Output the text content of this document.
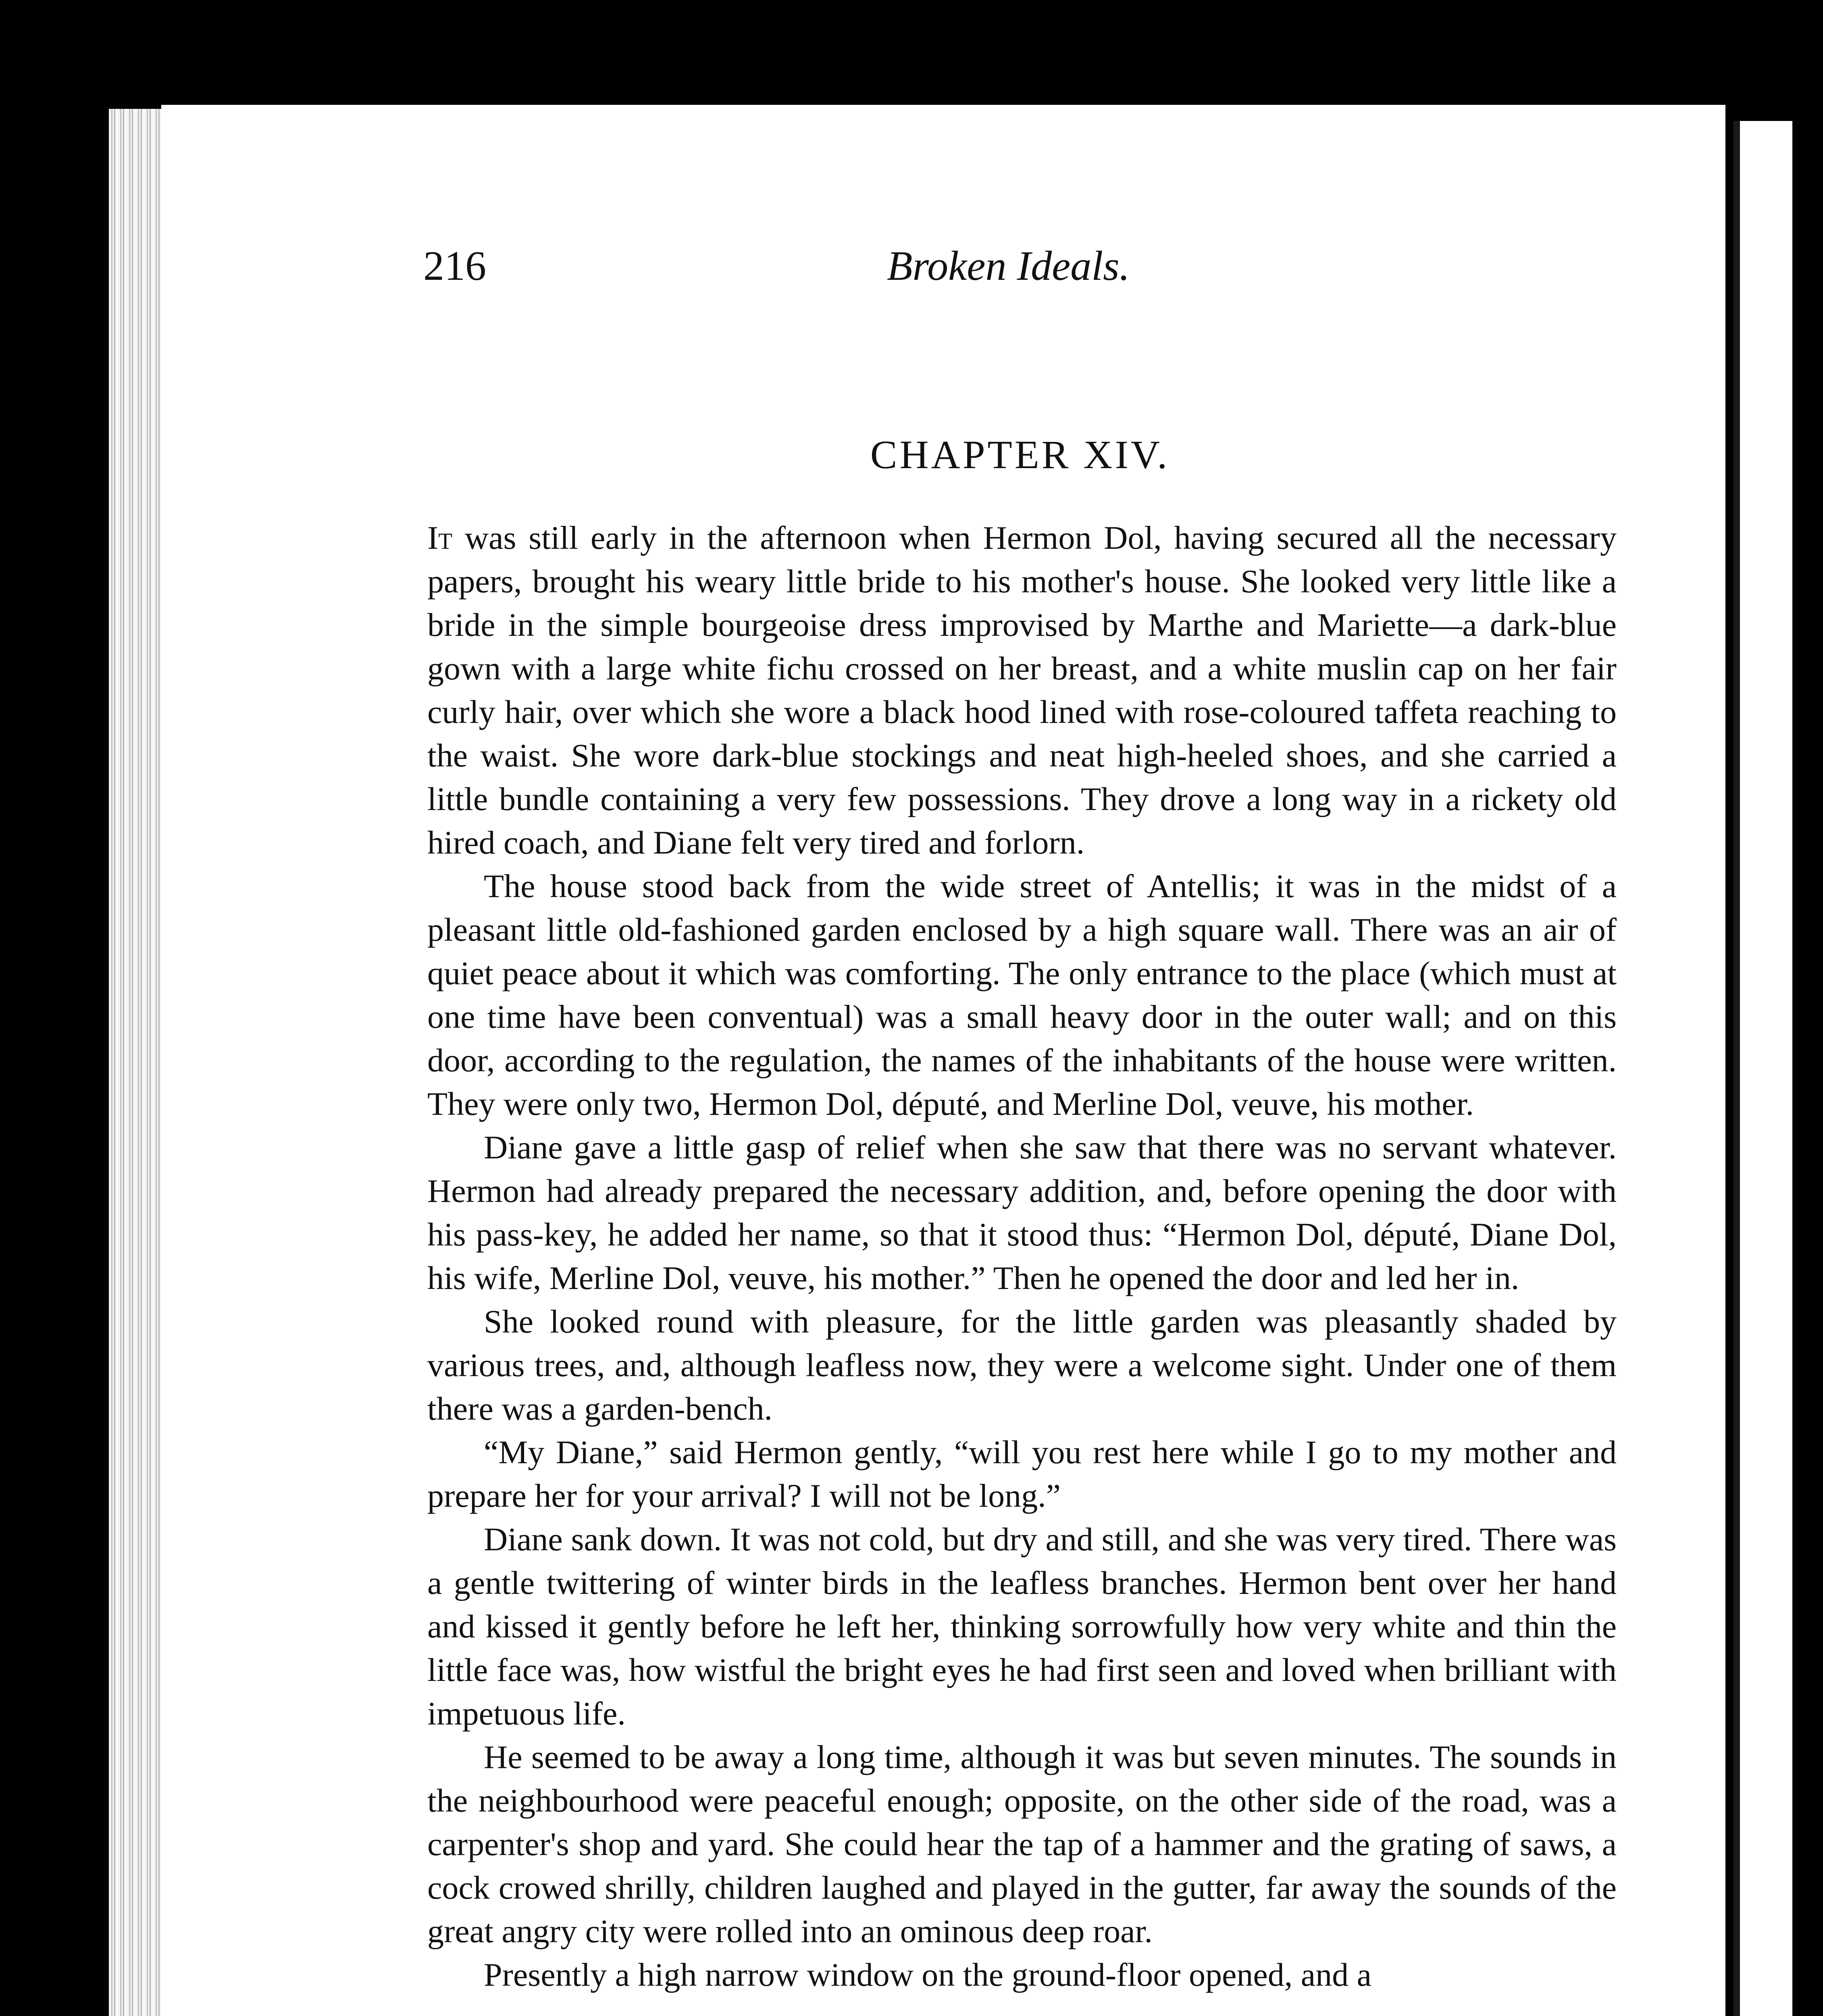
216	Broken Ideals.
CHAPTER XIV.

It was still early in the afternoon when Hermon Dol, having secured all the necessary papers, brought his weary little bride to his mother's house. She looked very little like a bride in the simple bourgeoise dress improvised by Marthe and Mariette—a dark-blue gown with a large white fichu crossed on her breast, and a white muslin cap on her fair curly hair, over which she wore a black hood lined with rose-coloured taffeta reaching to the waist. She wore dark-blue stockings and neat high-heeled shoes, and she carried a little bundle containing a very few possessions. They drove a long way in a rickety old hired coach, and Diane felt very tired and forlorn.

The house stood back from the wide street of Antellis; it was in the midst of a pleasant little old-fashioned garden enclosed by a high square wall. There was an air of quiet peace about it which was comforting. The only entrance to the place (which must at one time have been conventual) was a small heavy door in the outer wall; and on this door, according to the regulation, the names of the inhabitants of the house were written. They were only two, Hermon Dol, député, and Merline Dol, veuve, his mother.

Diane gave a little gasp of relief when she saw that there was no servant whatever. Hermon had already prepared the necessary addition, and, before opening the door with his pass-key, he added her name, so that it stood thus: “Hermon Dol, député, Diane Dol, his wife, Merline Dol, veuve, his mother.” Then he opened the door and led her in.

She looked round with pleasure, for the little garden was pleasantly shaded by various trees, and, although leafless now, they were a welcome sight. Under one of them there was a garden-bench.

“My Diane,” said Hermon gently, “will you rest here while I go to my mother and prepare her for your arrival? I will not be long.”

Diane sank down. It was not cold, but dry and still, and she was very tired. There was a gentle twittering of winter birds in the leafless branches. Hermon bent over her hand and kissed it gently before he left her, thinking sorrowfully how very white and thin the little face was, how wistful the bright eyes he had first seen and loved when brilliant with impetuous life.

He seemed to be away a long time, although it was but seven minutes. The sounds in the neighbourhood were peaceful enough; opposite, on the other side of the road, was a carpenter's shop and yard. She could hear the tap of a hammer and the grating of saws, a cock crowed shrilly, children laughed and played in the gutter, far away the sounds of the great angry city were rolled into an ominous deep roar.

Presently a high narrow window on the ground-floor opened, and a
